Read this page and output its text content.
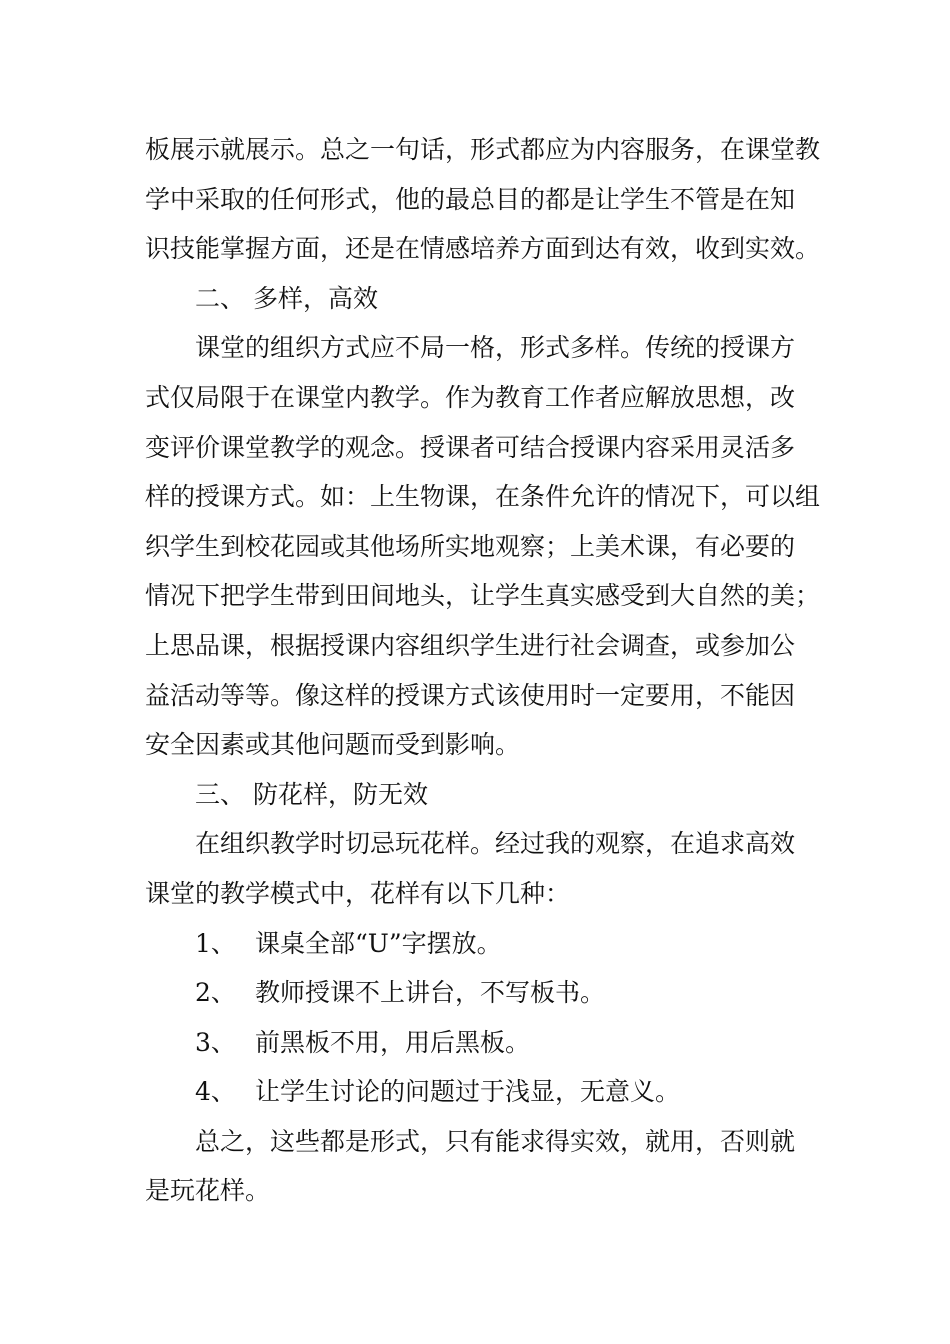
板展示就展示。总之一句话，形式都应为内容服务，在课堂教
学中采取的任何形式，他的最总目的都是让学生不管是在知
识技能掌握方面，还是在情感培养方面到达有效，收到实效。
二、 多样，高效
课堂的组织方式应不局一格，形式多样。传统的授课方
式仅局限于在课堂内教学。作为教育工作者应解放思想，改
变评价课堂教学的观念。授课者可结合授课内容采用灵活多
样的授课方式。如：上生物课，在条件允许的情况下，可以组
织学生到校花园或其他场所实地观察；上美术课，有必要的
情况下把学生带到田间地头，让学生真实感受到大自然的美；
上思品课，根据授课内容组织学生进行社会调查，或参加公
益活动等等。像这样的授课方式该使用时一定要用，不能因
安全因素或其他问题而受到影响。
三、 防花样，防无效
在组织教学时切忌玩花样。经过我的观察，在追求高效
课堂的教学模式中，花样有以下几种：
1、 课桌全部“U”字摆放。
2、 教师授课不上讲台，不写板书。
3、 前黑板不用，用后黑板。
4、 让学生讨论的问题过于浅显，无意义。
总之，这些都是形式，只有能求得实效，就用，否则就
是玩花样。
